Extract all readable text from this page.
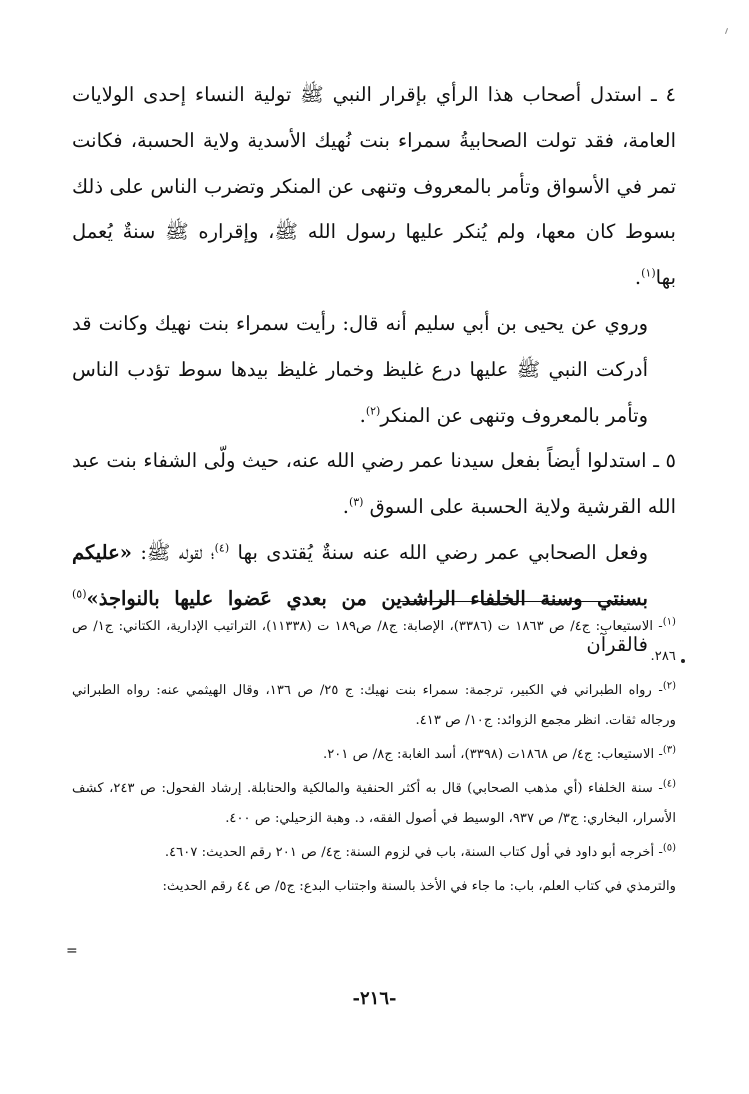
٤ ـ استدل أصحاب هذا الرأي بإقرار النبي ﷺ تولية النساء إحدى الولايات العامة، فقد تولت الصحابيةُ سمراء بنت نُهيك الأسدية ولاية الحسبة، فكانت تمر في الأسواق وتأمر بالمعروف وتنهى عن المنكر وتضرب الناس على ذلك بسوط كان معها، ولم يُنكر عليها رسول الله ﷺ، وإقراره ﷺ سنةٌ يُعمل بها$^{(١)}$.

وروي عن يحيى بن أبي سليم أنه قال: رأيت سمراء بنت نهيك وكانت قد أدركت النبي ﷺ عليها درع غليظ وخمار غليظ بيدها سوط تؤدب الناس وتأمر بالمعروف وتنهى عن المنكر$^{(٢)}$.

٥ ـ استدلوا أيضاً بفعل سيدنا عمر رضي الله عنه، حيث ولّى الشفاء بنت عبد الله القرشية ولاية الحسبة على السوق $^{(٣)}$.

وفعل الصحابي عمر رضي الله عنه سنةٌ يُقتدى بها $^{(٤)}$؛ لقوله ﷺ: «عليكم بسنتي وسنة الخلفاء الراشدين من بعدي عَضوا عليها بالنواجذ»$^{(٥)}$ فالقرآن

$^{(١)}$- الاستيعاب: ج٤/ ص ١٨٦٣ ت (٣٣٨٦)، الإصابة: ج٨/ ص١٨٩ ت (١١٣٣٨)، التراتيب الإدارية، الكتاني: ج١/ ص ٢٨٦.

$^{(٢)}$- رواه الطبراني في الكبير، ترجمة: سمراء بنت نهيك: ج ٢٥/ ص ١٣٦، وقال الهيثمي عنه: رواه الطبراني ورجاله ثقات. انظر مجمع الزوائد: ج١٠/ ص ٤١٣.

$^{(٣)}$- الاستيعاب: ج٤/ ص ١٨٦٨ت (٣٣٩٨)، أسد الغابة: ج٨/ ص ٢٠١.

$^{(٤)}$- سنة الخلفاء (أي مذهب الصحابي) قال به أكثر الحنفية والمالكية والحنابلة. إرشاد الفحول: ص ٢٤٣، كشف الأسرار، البخاري: ج٣/ ص ٩٣٧، الوسيط في أصول الفقه، د. وهبة الزحيلي: ص ٤٠٠.

$^{(٥)}$- أخرجه أبو داود في أول كتاب السنة، باب في لزوم السنة: ج٤/ ص ٢٠١ رقم الحديث: ٤٦٠٧.

والترمذي في كتاب العلم، باب: ما جاء في الأخذ بالسنة واجتناب البدع: ج٥/ ص ٤٤ رقم الحديث:

=
-٢١٦-
